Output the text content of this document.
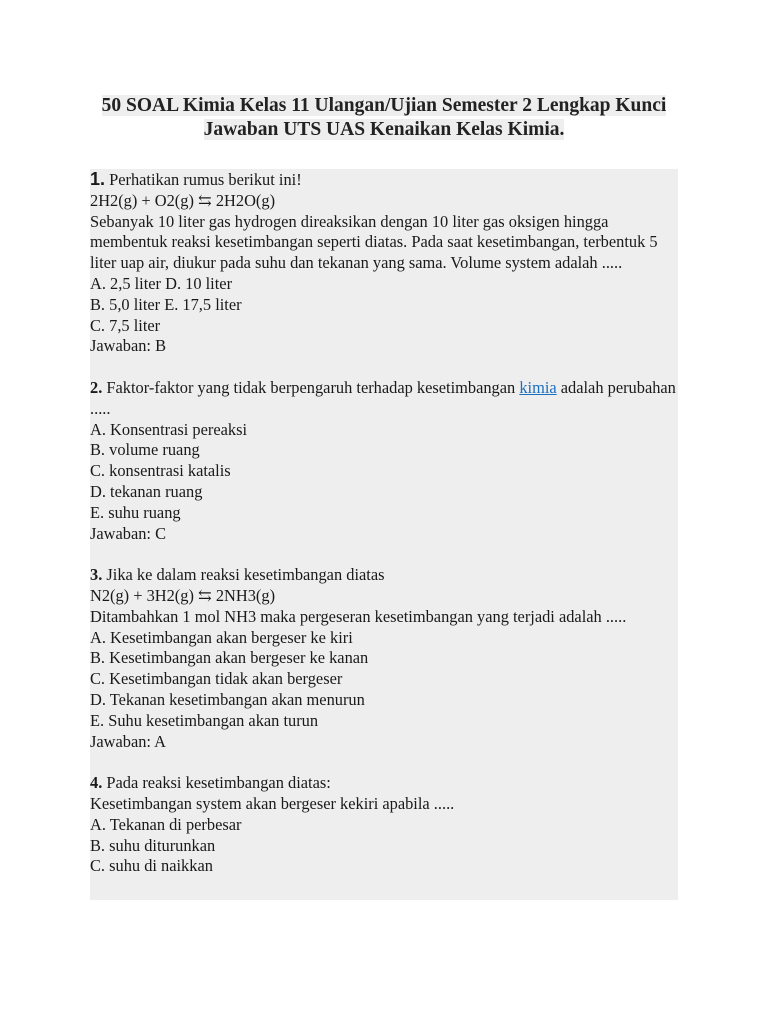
50 SOAL Kimia Kelas 11 Ulangan/Ujian Semester 2 Lengkap Kunci
Jawaban UTS UAS Kenaikan Kelas Kimia.
1. Perhatikan rumus berikut ini!
2H2(g) + O2(g) ⇆ 2H2O(g)
Sebanyak 10 liter gas hydrogen direaksikan dengan 10 liter gas oksigen hingga membentuk reaksi kesetimbangan seperti diatas. Pada saat kesetimbangan, terbentuk 5 liter uap air, diukur pada suhu dan tekanan yang sama. Volume system adalah .....
A. 2,5 liter D. 10 liter
B. 5,0 liter E. 17,5 liter
C. 7,5 liter
Jawaban: B
2. Faktor-faktor yang tidak berpengaruh terhadap kesetimbangan kimia adalah perubahan .....
A. Konsentrasi pereaksi
B. volume ruang
C. konsentrasi katalis
D. tekanan ruang
E. suhu ruang
Jawaban: C
3. Jika ke dalam reaksi kesetimbangan diatas
N2(g) + 3H2(g) ⇆ 2NH3(g)
Ditambahkan 1 mol NH3 maka pergeseran kesetimbangan yang terjadi adalah .....
A. Kesetimbangan akan bergeser ke kiri
B. Kesetimbangan akan bergeser ke kanan
C. Kesetimbangan tidak akan bergeser
D. Tekanan kesetimbangan akan menurun
E. Suhu kesetimbangan akan turun
Jawaban: A
4. Pada reaksi kesetimbangan diatas:
Kesetimbangan system akan bergeser kekiri apabila .....
A. Tekanan di perbesar
B. suhu diturunkan
C. suhu di naikkan
